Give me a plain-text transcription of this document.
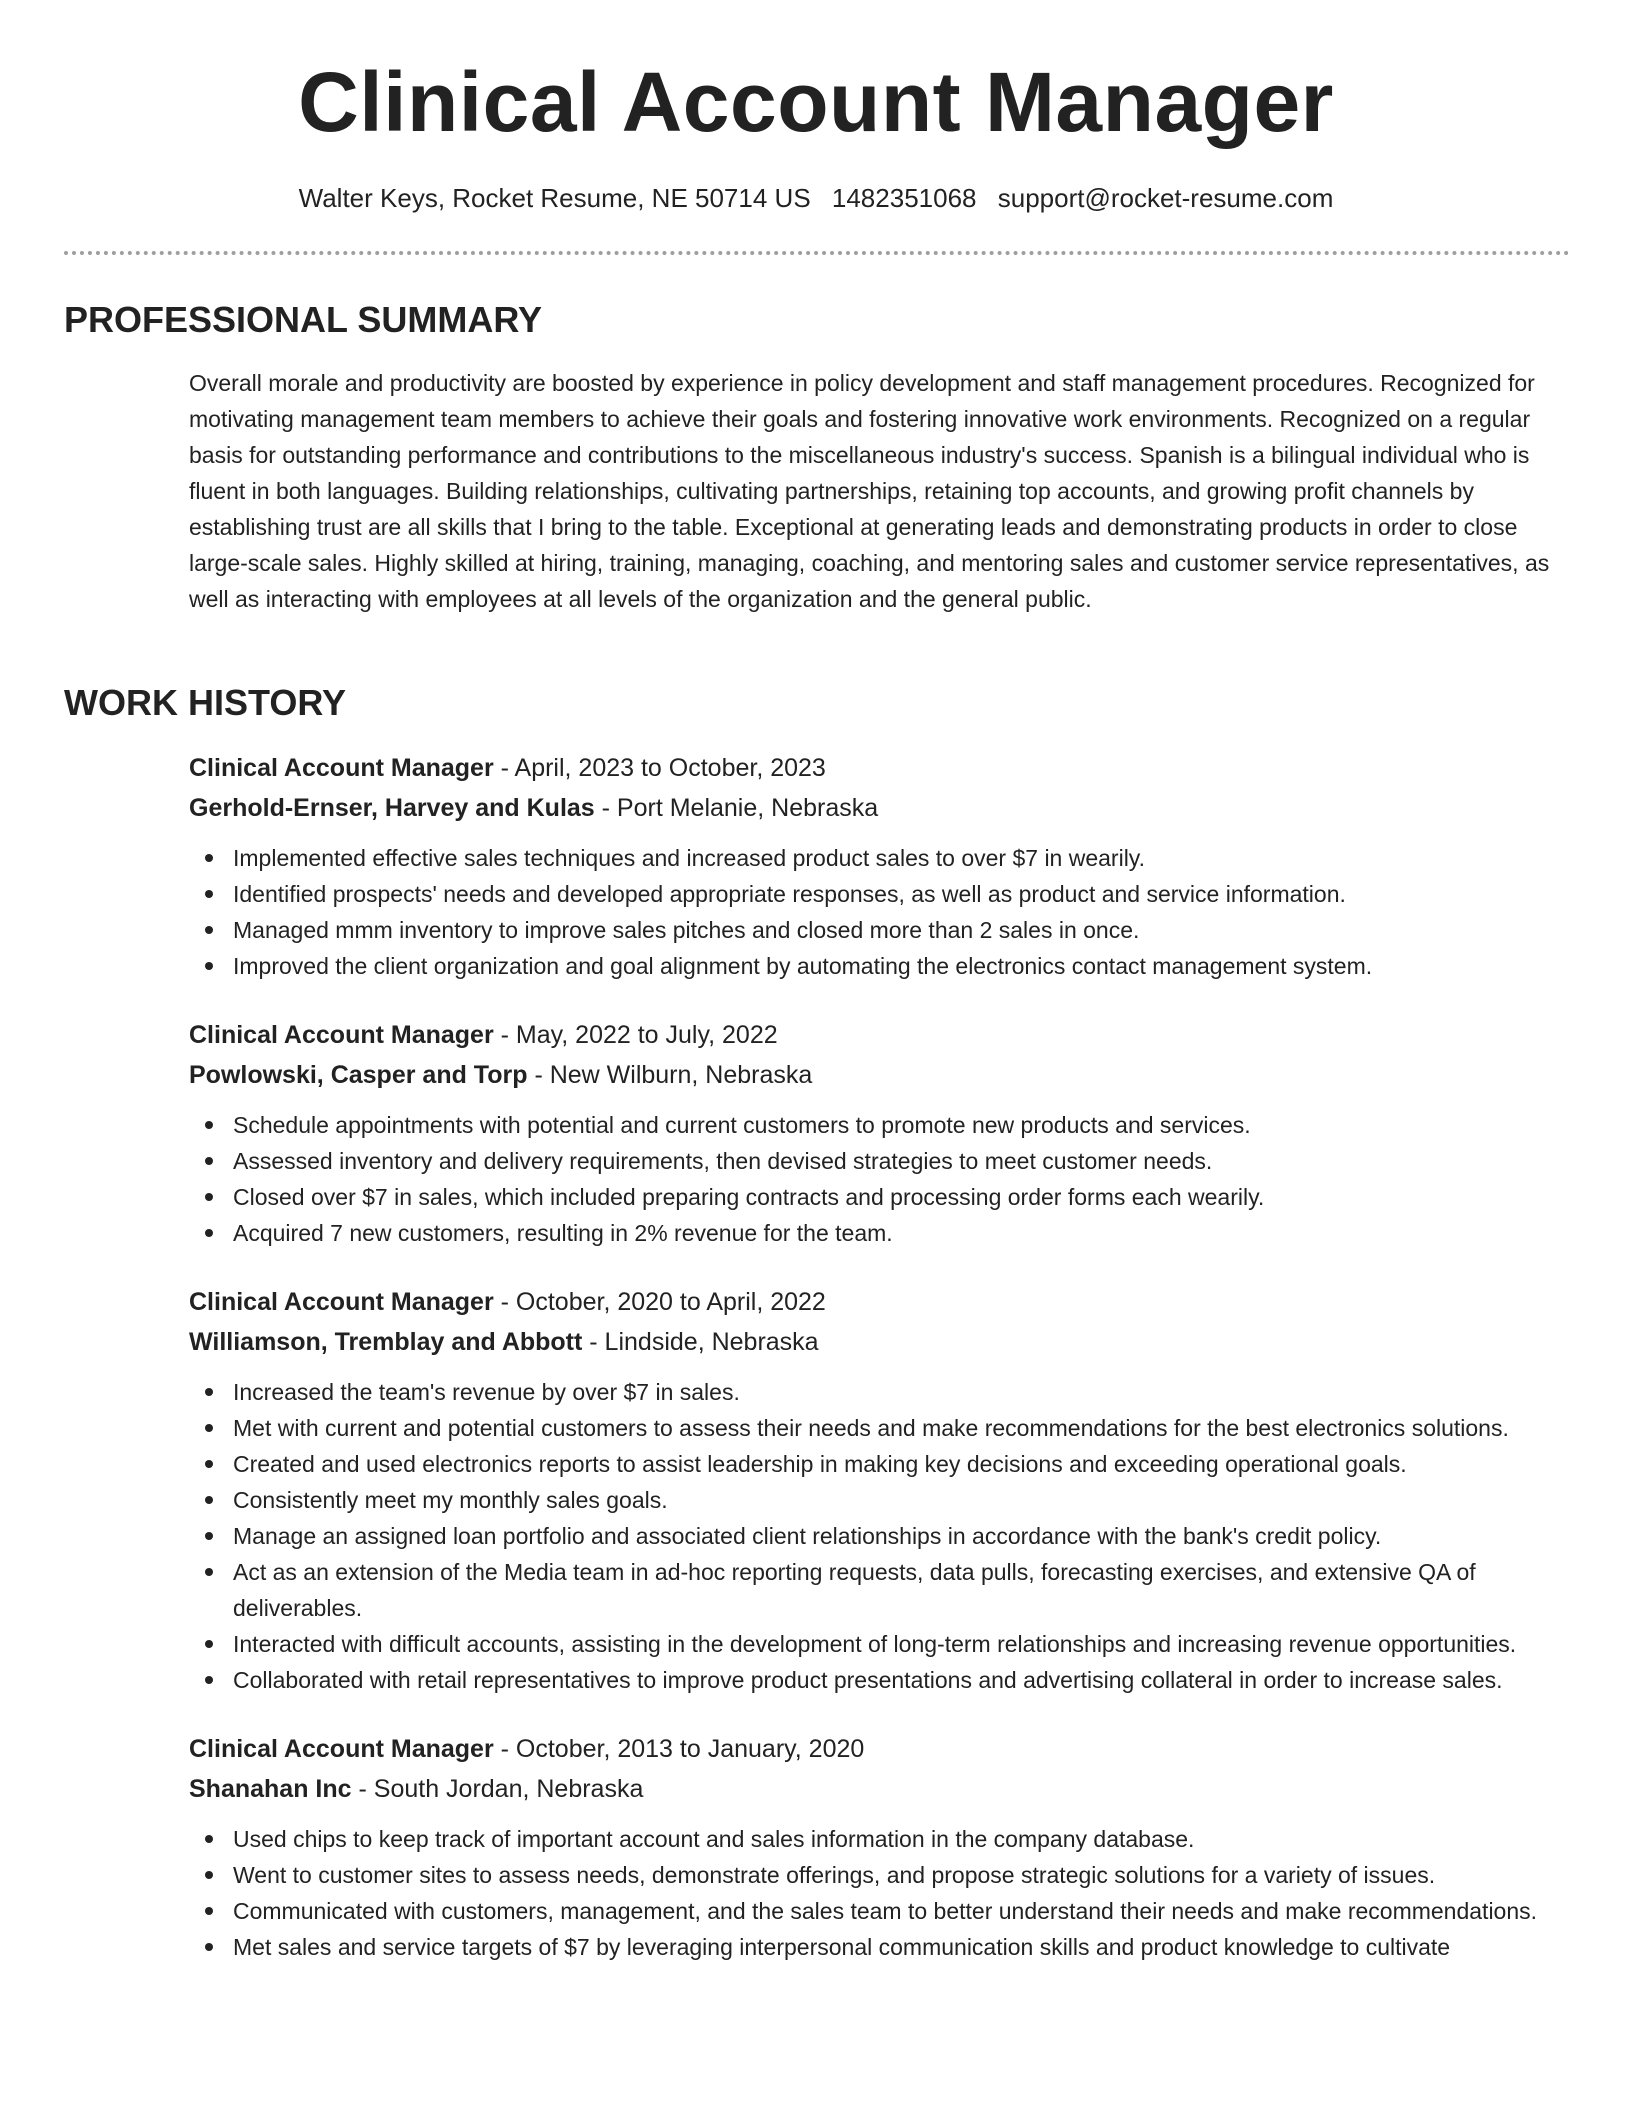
Clinical Account Manager
Walter Keys, Rocket Resume, NE 50714 US 1482351068 support@rocket-resume.com
PROFESSIONAL SUMMARY
Overall morale and productivity are boosted by experience in policy development and staff management procedures. Recognized for motivating management team members to achieve their goals and fostering innovative work environments. Recognized on a regular basis for outstanding performance and contributions to the miscellaneous industry's success. Spanish is a bilingual individual who is fluent in both languages. Building relationships, cultivating partnerships, retaining top accounts, and growing profit channels by establishing trust are all skills that I bring to the table. Exceptional at generating leads and demonstrating products in order to close large-scale sales. Highly skilled at hiring, training, managing, coaching, and mentoring sales and customer service representatives, as well as interacting with employees at all levels of the organization and the general public.
WORK HISTORY
Clinical Account Manager - April, 2023 to October, 2023
Gerhold-Ernser, Harvey and Kulas - Port Melanie, Nebraska
Implemented effective sales techniques and increased product sales to over $7 in wearily.
Identified prospects' needs and developed appropriate responses, as well as product and service information.
Managed mmm inventory to improve sales pitches and closed more than 2 sales in once.
Improved the client organization and goal alignment by automating the electronics contact management system.
Clinical Account Manager - May, 2022 to July, 2022
Powlowski, Casper and Torp - New Wilburn, Nebraska
Schedule appointments with potential and current customers to promote new products and services.
Assessed inventory and delivery requirements, then devised strategies to meet customer needs.
Closed over $7 in sales, which included preparing contracts and processing order forms each wearily.
Acquired 7 new customers, resulting in 2% revenue for the team.
Clinical Account Manager - October, 2020 to April, 2022
Williamson, Tremblay and Abbott - Lindside, Nebraska
Increased the team's revenue by over $7 in sales.
Met with current and potential customers to assess their needs and make recommendations for the best electronics solutions.
Created and used electronics reports to assist leadership in making key decisions and exceeding operational goals.
Consistently meet my monthly sales goals.
Manage an assigned loan portfolio and associated client relationships in accordance with the bank's credit policy.
Act as an extension of the Media team in ad-hoc reporting requests, data pulls, forecasting exercises, and extensive QA of deliverables.
Interacted with difficult accounts, assisting in the development of long-term relationships and increasing revenue opportunities.
Collaborated with retail representatives to improve product presentations and advertising collateral in order to increase sales.
Clinical Account Manager - October, 2013 to January, 2020
Shanahan Inc - South Jordan, Nebraska
Used chips to keep track of important account and sales information in the company database.
Went to customer sites to assess needs, demonstrate offerings, and propose strategic solutions for a variety of issues.
Communicated with customers, management, and the sales team to better understand their needs and make recommendations.
Met sales and service targets of $7 by leveraging interpersonal communication skills and product knowledge to cultivate
